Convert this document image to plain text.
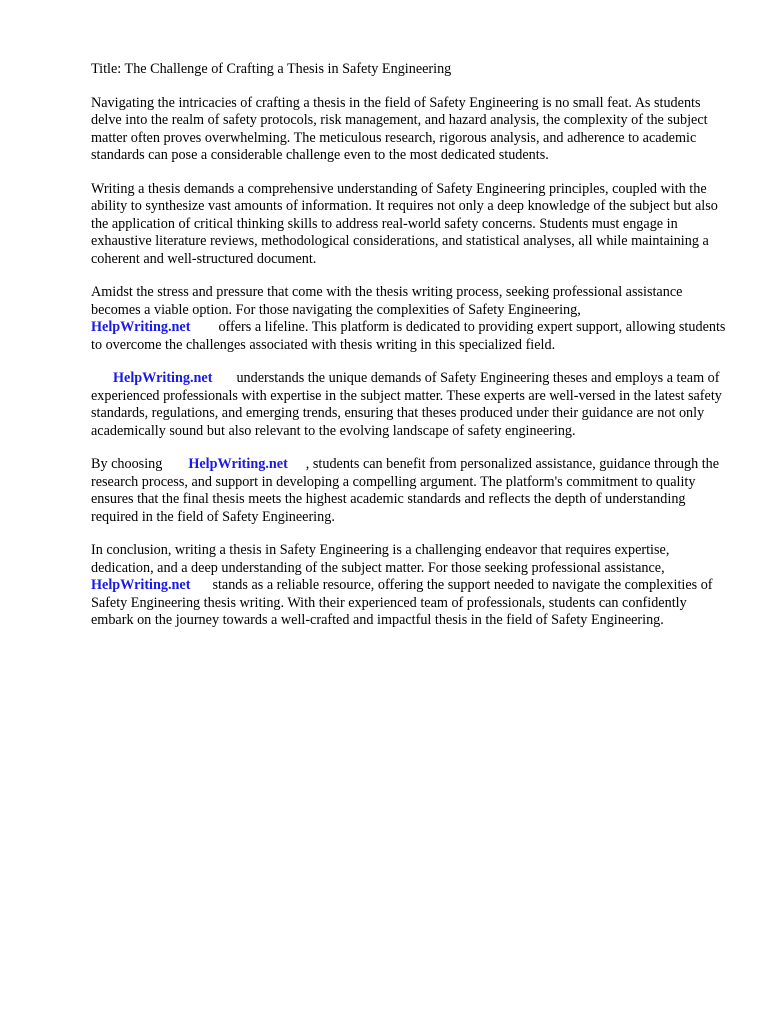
Title: The Challenge of Crafting a Thesis in Safety Engineering

Navigating the intricacies of crafting a thesis in the field of Safety Engineering is no small feat. As students delve into the realm of safety protocols, risk management, and hazard analysis, the complexity of the subject matter often proves overwhelming. The meticulous research, rigorous analysis, and adherence to academic standards can pose a considerable challenge even to the most dedicated students.

Writing a thesis demands a comprehensive understanding of Safety Engineering principles, coupled with the ability to synthesize vast amounts of information. It requires not only a deep knowledge of the subject but also the application of critical thinking skills to address real-world safety concerns. Students must engage in exhaustive literature reviews, methodological considerations, and statistical analyses, all while maintaining a coherent and well-structured document.

Amidst the stress and pressure that come with the thesis writing process, seeking professional assistance becomes a viable option. For those navigating the complexities of Safety Engineering,
HelpWriting.net offers a lifeline. This platform is dedicated to providing expert support, allowing students to overcome the challenges associated with thesis writing in this specialized field.

HelpWriting.net understands the unique demands of Safety Engineering theses and employs a team of experienced professionals with expertise in the subject matter. These experts are well-versed in the latest safety standards, regulations, and emerging trends, ensuring that theses produced under their guidance are not only academically sound but also relevant to the evolving landscape of safety engineering.

By choosing HelpWriting.net , students can benefit from personalized assistance, guidance through the research process, and support in developing a compelling argument. The platform's commitment to quality ensures that the final thesis meets the highest academic standards and reflects the depth of understanding required in the field of Safety Engineering.

In conclusion, writing a thesis in Safety Engineering is a challenging endeavor that requires expertise, dedication, and a deep understanding of the subject matter. For those seeking professional assistance,HelpWriting.net stands as a reliable resource, offering the support needed to navigate the complexities of Safety Engineering thesis writing. With their experienced team of professionals, students can confidently embark on the journey towards a well-crafted and impactful thesis in the field of Safety Engineering.
